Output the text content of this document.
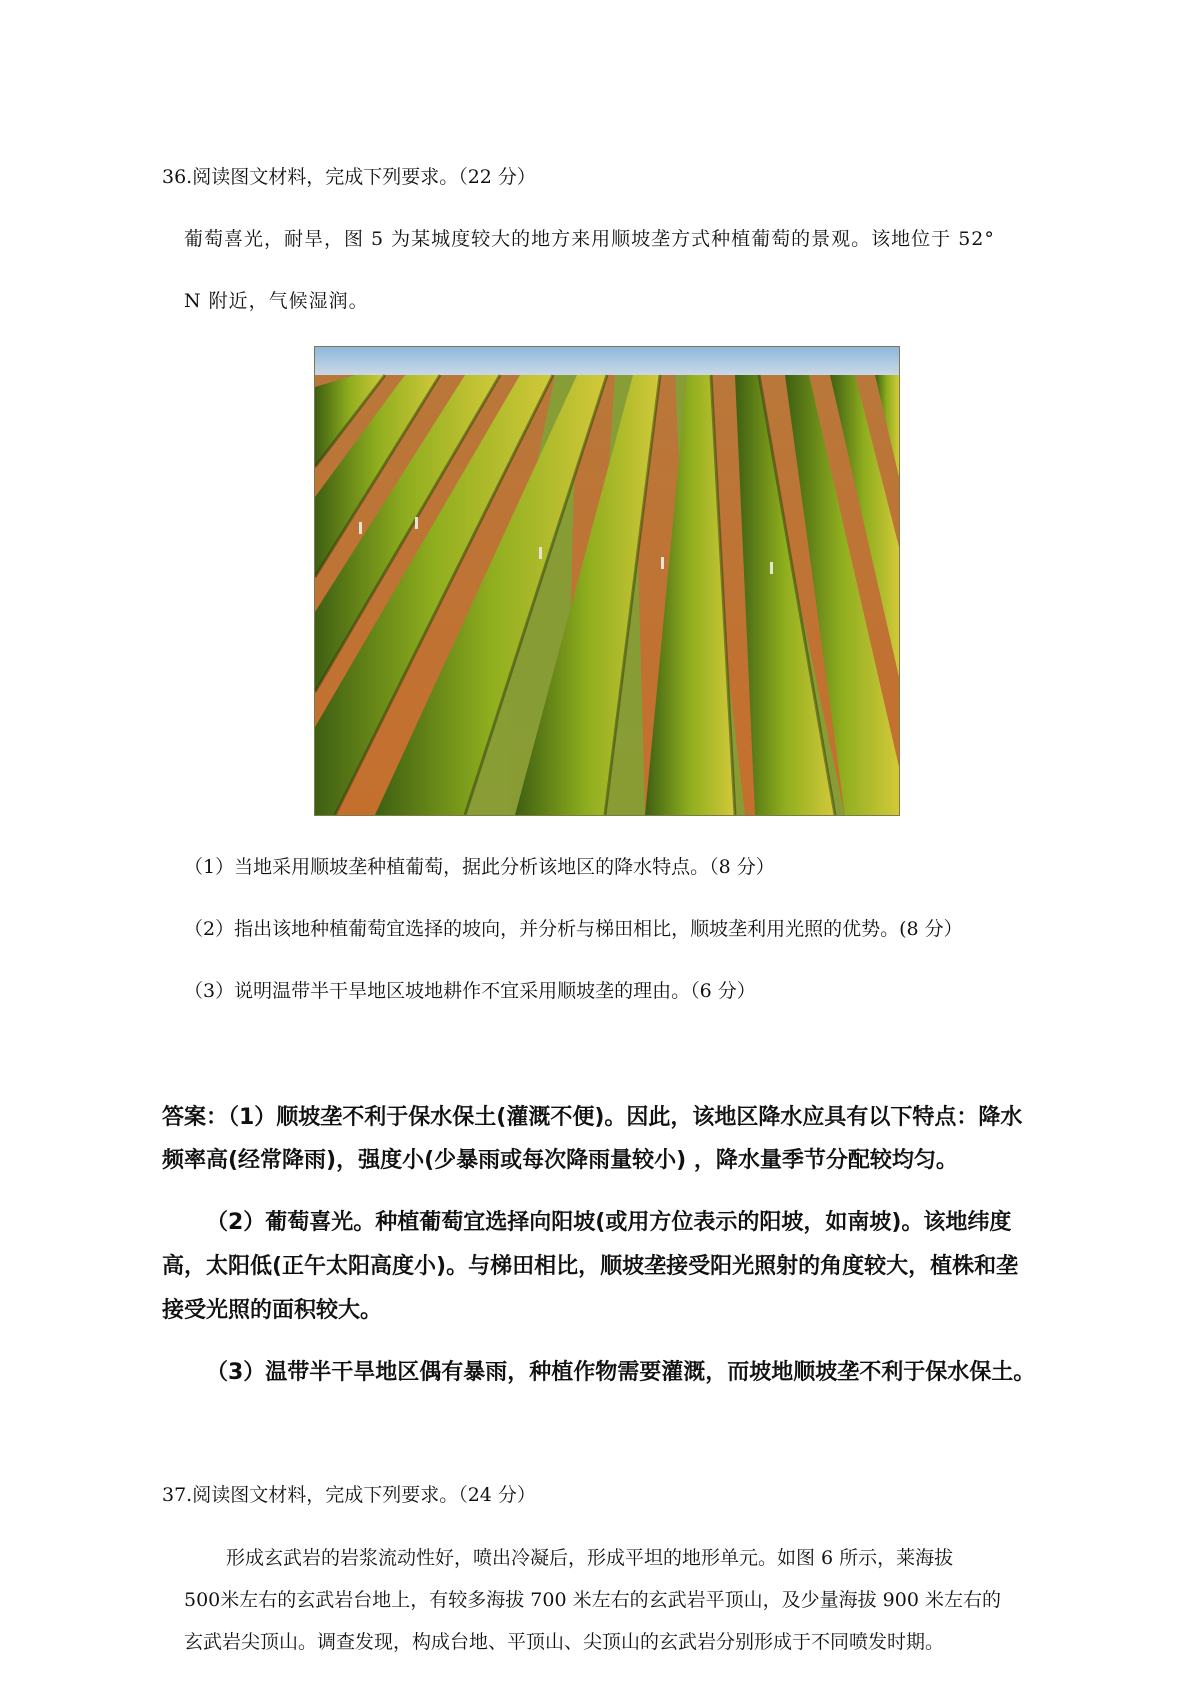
36.阅读图文材料，完成下列要求。（22 分）
葡萄喜光，耐旱，图 5 为某城度较大的地方来用顺坡垄方式种植葡萄的景观。该地位于 52°
N 附近，气候湿润。
（1）当地采用顺坡垄种植葡萄，据此分析该地区的降水特点。（8 分）
（2）指出该地种植葡萄宜选择的坡向，并分析与梯田相比，顺坡垄利用光照的优势。(8 分）
（3）说明温带半干旱地区坡地耕作不宜采用顺坡垄的理由。（6 分）
答案：（1）顺坡垄不利于保水保土(灌溉不便)。因此，该地区降水应具有以下特点：降水
频率高(经常降雨)，强度小(少暴雨或每次降雨量较小) ，降水量季节分配较均匀。
（2）葡萄喜光。种植葡萄宜选择向阳坡(或用方位表示的阳坡，如南坡)。该地纬度
高，太阳低(正午太阳高度小)。与梯田相比，顺坡垄接受阳光照射的角度较大，植株和垄
接受光照的面积较大。
（3）温带半干旱地区偶有暴雨，种植作物需要灌溉，而坡地顺坡垄不利于保水保土。
37.阅读图文材料，完成下列要求。（24 分）
形成玄武岩的岩浆流动性好，喷出冷凝后，形成平坦的地形单元。如图 6 所示，莱海拔
500米左右的玄武岩台地上，有较多海拔 700 米左右的玄武岩平顶山，及少量海拔 900 米左右的
玄武岩尖顶山。调查发现，构成台地、平顶山、尖顶山的玄武岩分别形成于不同喷发时期。
